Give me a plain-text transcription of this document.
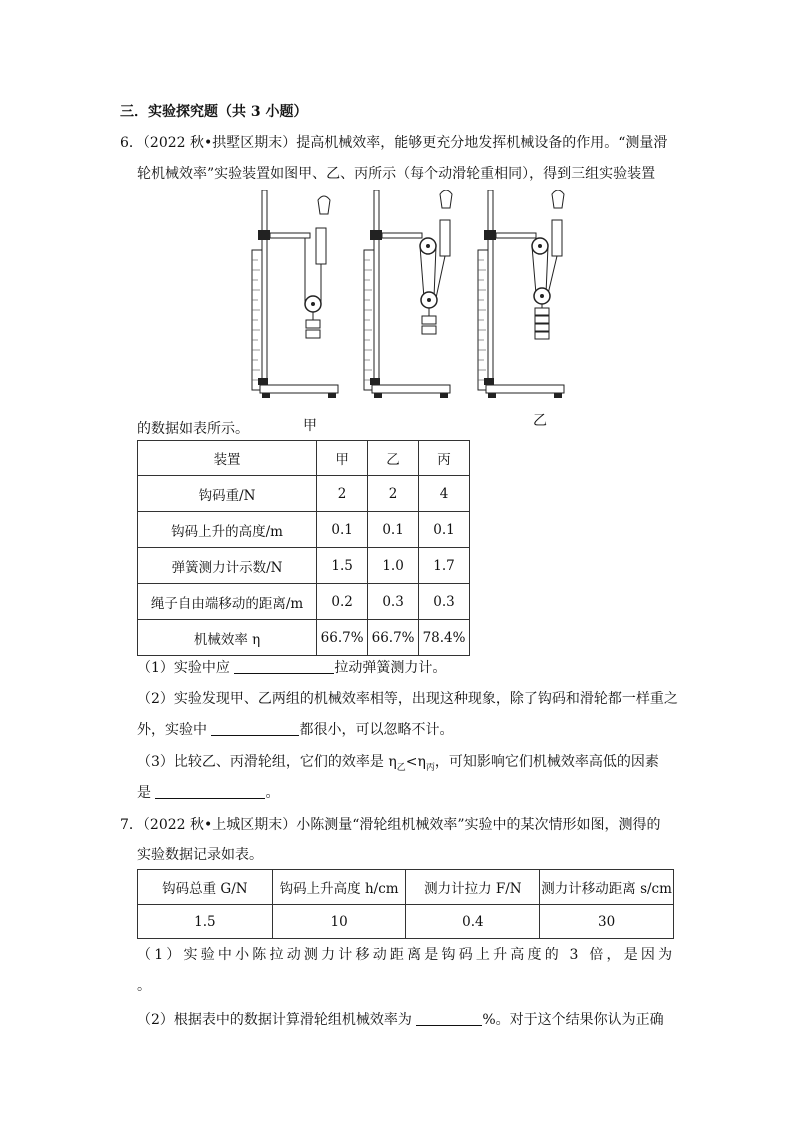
三．实验探究题（共 3 小题）
6．（2022 秋•拱墅区期末）提高机械效率，能够更充分地发挥机械设备的作用。“测量滑
轮机械效率”实验装置如图甲、乙、丙所示（每个动滑轮重相同），得到三组实验装置
甲	乙
的数据如表所示。
装置	甲	乙	丙
钩码重/N	2	2	4
钩码上升的高度/m	0.1	0.1	0.1
弹簧测力计示数/N	1.5	1.0	1.7
绳子自由端移动的距离/m	0.2	0.3	0.3
机械效率 η	66.7%	66.7%	78.4%
（1）实验中应	拉动弹簧测力计。
（2）实验发现甲、乙两组的机械效率相等，出现这种现象，除了钩码和滑轮都一样重之
外，实验中	都很小，可以忽略不计。
（3）比较乙、丙滑轮组，它们的效率是 $\eta_乙<\eta_丙$，可知影响它们机械效率高低的因素
是	。
7．（2022 秋•上城区期末）小陈测量“滑轮组机械效率”实验中的某次情形如图，测得的
实验数据记录如表。
钩码总重 G/N	钩码上升高度 h/cm	测力计拉力 F/N	测力计移动距离 s/cm
1.5	10	0.4	30
（1）实验中小陈拉动测力计移动距离是钩码上升高度的 3 倍，是因为
。
（2）根据表中的数据计算滑轮组机械效率为	%。对于这个结果你认为正确
